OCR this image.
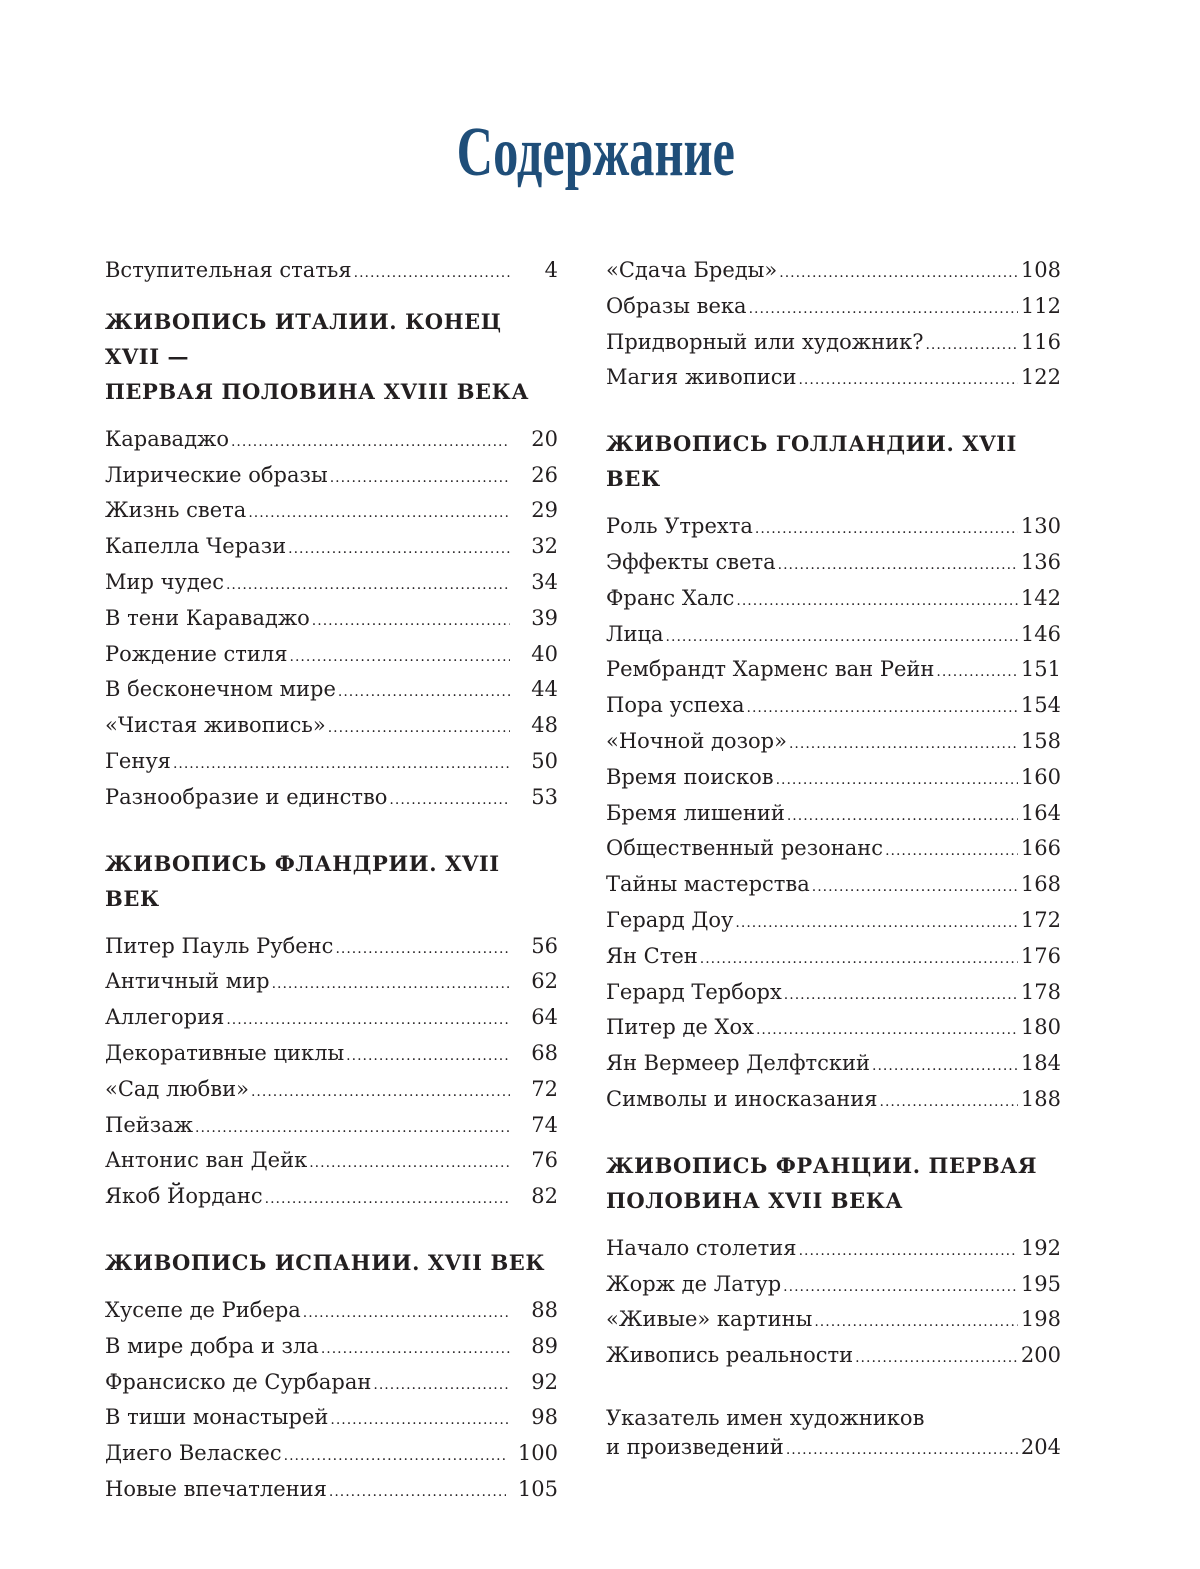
Содержание
Вступительная статья .....	4
ЖИВОПИСЬ ИТАЛИИ. КОНЕЦ XVII —
ПЕРВАЯ ПОЛОВИНА XVIII ВЕКА
Караваджо .....	20
Лирические образы .....	26
Жизнь света .....	29
Капелла Черази .....	32
Мир чудес .....	34
В тени Караваджо .....	39
Рождение стиля .....	40
В бесконечном мире .....	44
«Чистая живопись» .....	48
Генуя .....	50
Разнообразие и единство .....	53
ЖИВОПИСЬ ФЛАНДРИИ. XVII ВЕК
Питер Пауль Рубенс .....	56
Античный мир .....	62
Аллегория .....	64
Декоративные циклы .....	68
«Сад любви» .....	72
Пейзаж .....	74
Антонис ван Дейк .....	76
Якоб Йорданс .....	82
ЖИВОПИСЬ ИСПАНИИ. XVII ВЕК
Хусепе де Рибера .....	88
В мире добра и зла .....	89
Франсиско де Сурбаран .....	92
В тиши монастырей .....	98
Диего Веласкес .....	100
Новые впечатления .....	105
«Сдача Бреды» .....	108
Образы века .....	112
Придворный или художник? .....	116
Магия живописи .....	122
ЖИВОПИСЬ ГОЛЛАНДИИ. XVII ВЕК
Роль Утрехта .....	130
Эффекты света .....	136
Франс Халс .....	142
Лица .....	146
Рембрандт Харменс ван Рейн .....	151
Пора успеха .....	154
«Ночной дозор» .....	158
Время поисков .....	160
Бремя лишений .....	164
Общественный резонанс .....	166
Тайны мастерства .....	168
Герард Доу .....	172
Ян Стен .....	176
Герард Терборх .....	178
Питер де Хох .....	180
Ян Вермеер Делфтский .....	184
Символы и иносказания .....	188
ЖИВОПИСЬ ФРАНЦИИ. ПЕРВАЯ
ПОЛОВИНА XVII ВЕКА
Начало столетия .....	192
Жорж де Латур .....	195
«Живые» картины .....	198
Живопись реальности .....	200
Указатель имен художников
и произведений .....	204
